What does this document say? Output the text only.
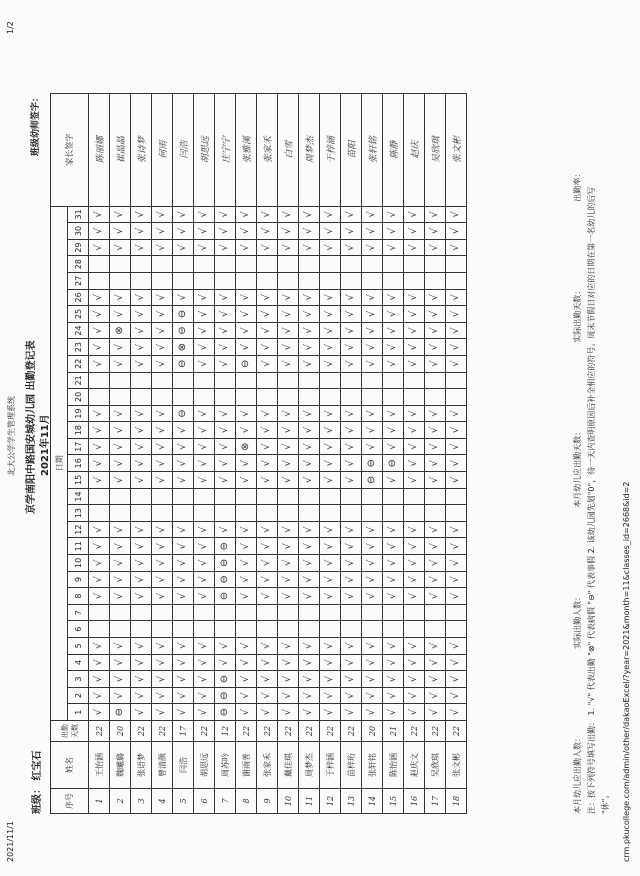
2021/11/1
北大公学学生管理系统
1/2
班级： 红宝石
京学南阳中路国安城幼儿园 出勤登记表 2021年11月
班级幼师签字：
序号	姓名	出勤天数	日期																															家长签字
			1	2	3	4	5	6	7	8	9	10	11	12	13	14	15	16	17	18	19	20	21	22	23	24	25	26	27	28	29	30	31	
1	王怡涵	22	√	√	√	√	√			√	√	√	√	√			√	√	√	√	√			√	√	√	√	√			√	√	√	陈丽娜
2	魏曦璐	20	⊖	√	√	√	√			√	√	√	√	√			√	√	√	√	√			√	√	⊗	√	√			√	√	√	崔晶晶
3	张语梦	22	√	√	√	√	√			√	√	√	√	√			√	√	√	√	√			√	√	√	√	√			√	√	√	张诗梦
4	曾清颜	22	√	√	√	√	√			√	√	√	√	√			√	√	√	√	√			√	√	√	√	√			√	√	√	何雨
5	闫浩	17	√	√	√	√	√			√	√	√	√	√			√	√	√	√	⊖			⊖	⊗	⊖	⊖	√			√	√	√	闫浩
6	胡思远	22	√	√	√	√	√			√	√	√	√	√			√	√	√	√	√			√	√	√	√	√			√	√	√	胡思远
7	周苏吟	12	⊖	⊖	⊖	√	√			⊖	⊖	⊖	⊖	√			√	√	√	√	√			√	√	√	√	√			√	√	√	庄宁宁
8	谢雨普	22	√	√	√	√	√			√	√	√	√	√			√	√	⊗	√	√			⊖	√	√	√	√			√	√	√	张雅溪
9	张家禾	22	√	√	√	√	√			√	√	√	√	√			√	√	√	√	√			√	√	√	√	√			√	√	√	张家禾
10	戴佳琪	22	√	√	√	√	√			√	√	√	√	√			√	√	√	√	√			√	√	√	√	√			√	√	√	白雪
11	周梦杰	22	√	√	√	√	√			√	√	√	√	√			√	√	√	√	√			√	√	√	√	√			√	√	√	周梦杰
12	于梓涵	22	√	√	√	√	√			√	√	√	√	√			√	√	√	√	√			√	√	√	√	√			√	√	√	于梓涵
13	苗梓珩	22	√	√	√	√	√			√	√	√	√	√			√	√	√	√	√			√	√	√	√	√			√	√	√	苗阳
14	张轩铭	20	√	√	√	√	√			√	√	√	√	√			⊖	⊖	√	√	√			√	√	√	√	√			√	√	√	张轩铭
15	陈怡涵	21	√	√	√	√	√			√	√	√	√	√			√	⊖	√	√	√			√	√	√	√	√			√	√	√	陈静
16	赵庆文	22	√	√	√	√	√			√	√	√	√	√			√	√	√	√	√			√	√	√	√	√			√	√	√	赵庆
17	吴欣琪	22	√	√	√	√	√			√	√	√	√	√			√	√	√	√	√			√	√	√	√	√			√	√	√	吴欣琪
18	张文彬	22	√	√	√	√	√			√	√	√	√	√			√	√	√	√	√			√	√	√	√	√			√	√	√	张文彬
本月幼儿应出勤人数：  实际出勤人数：  本月幼儿应出勤天数：  实际出勤天数：  出勤率：
注：按下列符号填写出勤： 1. "√" 代表出勤 "⊗" 代表病假 "⊖" 代表事假 2. 该幼儿园先划"0"，待一天内查明原因后补全相应的符号。周末节假日对应的日期在第一名幼儿的后写
"休"。 crm.pkucollege.com/admin/other/dakaoExcel/?year=2021&month=11&classes_id=2668&id=2
